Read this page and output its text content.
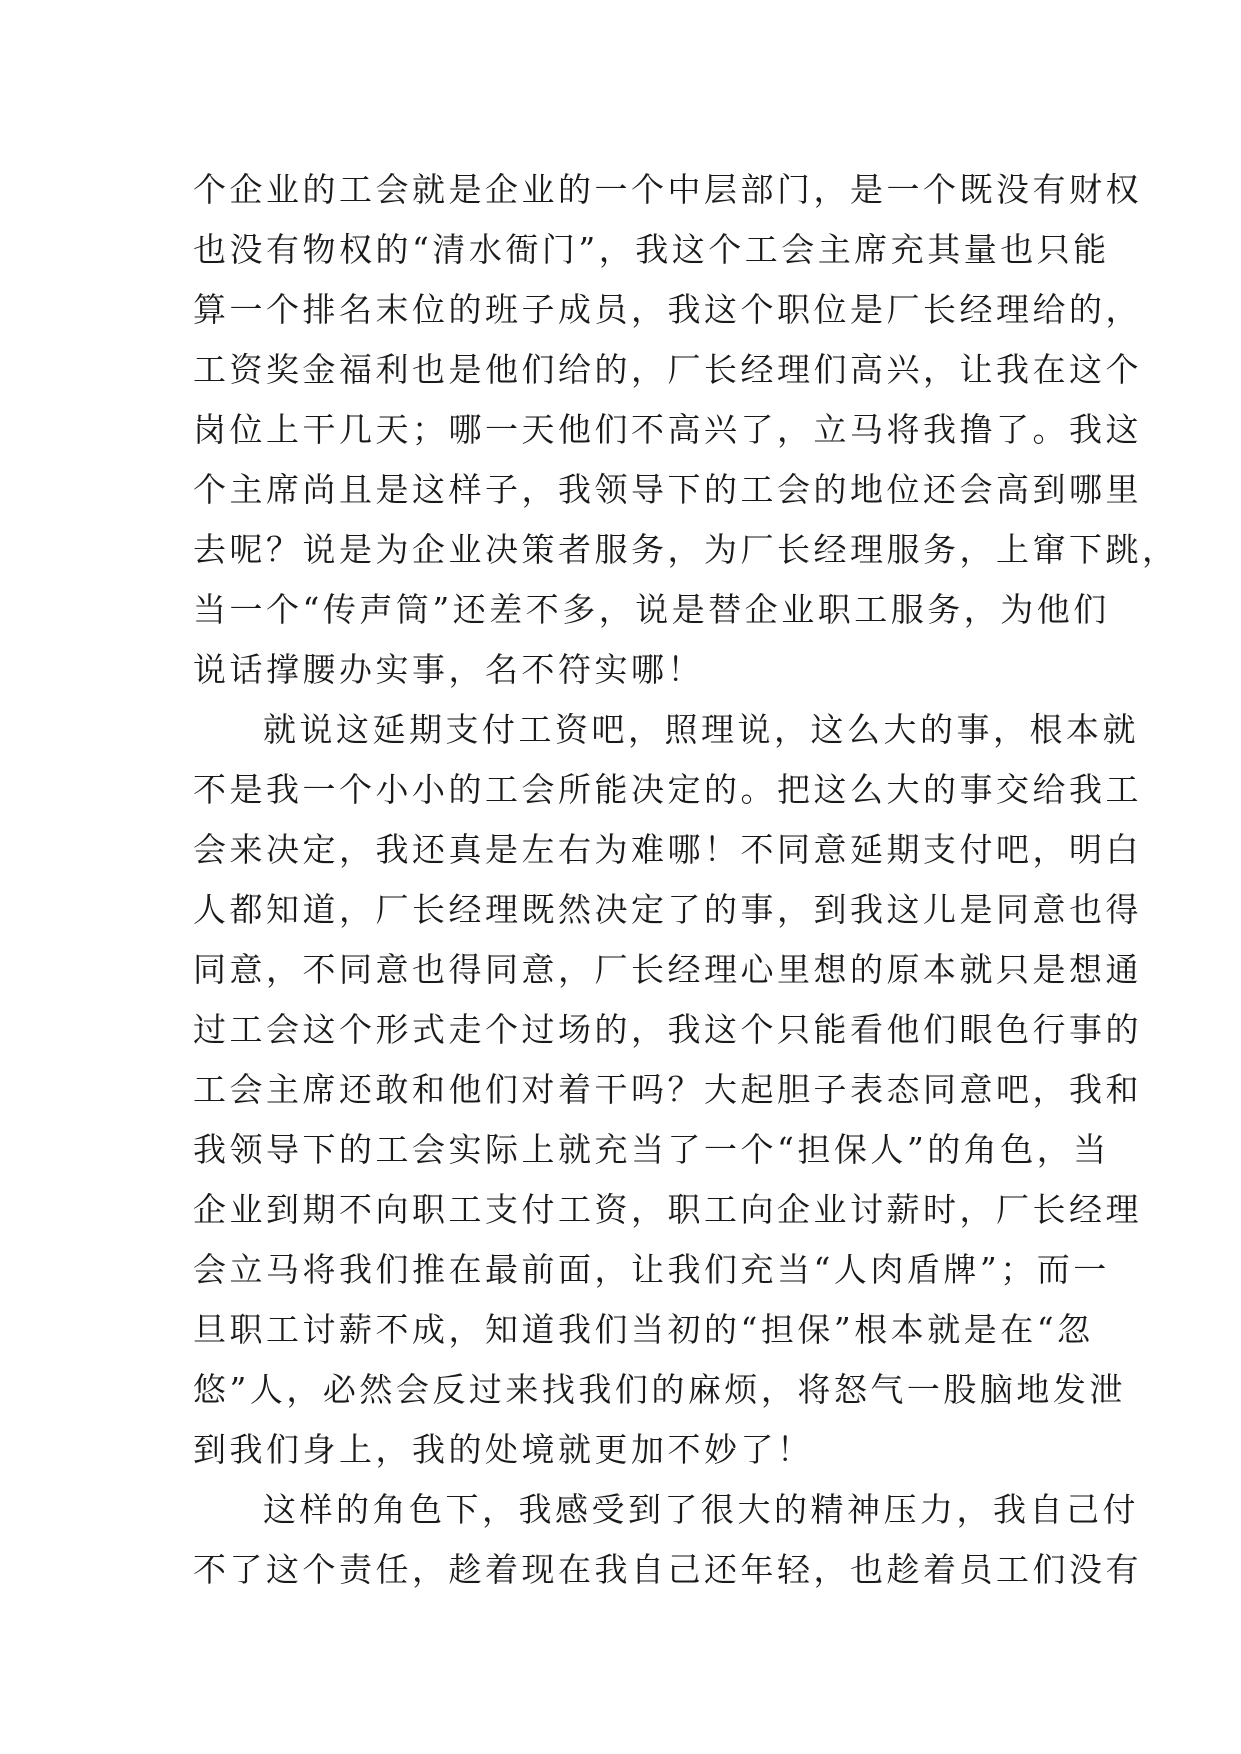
个企业的工会就是企业的一个中层部门，是一个既没有财权
也没有物权的“清水衙门”，我这个工会主席充其量也只能
算一个排名末位的班子成员，我这个职位是厂长经理给的，
工资奖金福利也是他们给的，厂长经理们高兴，让我在这个
岗位上干几天；哪一天他们不高兴了，立马将我撸了。我这
个主席尚且是这样子，我领导下的工会的地位还会高到哪里
去呢？说是为企业决策者服务，为厂长经理服务，上窜下跳，
当一个“传声筒”还差不多，说是替企业职工服务，为他们
说话撑腰办实事，名不符实哪！
就说这延期支付工资吧，照理说，这么大的事，根本就
不是我一个小小的工会所能决定的。把这么大的事交给我工
会来决定，我还真是左右为难哪！不同意延期支付吧，明白
人都知道，厂长经理既然决定了的事，到我这儿是同意也得
同意，不同意也得同意，厂长经理心里想的原本就只是想通
过工会这个形式走个过场的，我这个只能看他们眼色行事的
工会主席还敢和他们对着干吗？大起胆子表态同意吧，我和
我领导下的工会实际上就充当了一个“担保人”的角色，当
企业到期不向职工支付工资，职工向企业讨薪时，厂长经理
会立马将我们推在最前面，让我们充当“人肉盾牌”；而一
旦职工讨薪不成，知道我们当初的“担保”根本就是在“忽
悠”人，必然会反过来找我们的麻烦，将怒气一股脑地发泄
到我们身上，我的处境就更加不妙了！
这样的角色下，我感受到了很大的精神压力，我自己付
不了这个责任，趁着现在我自己还年轻，也趁着员工们没有
